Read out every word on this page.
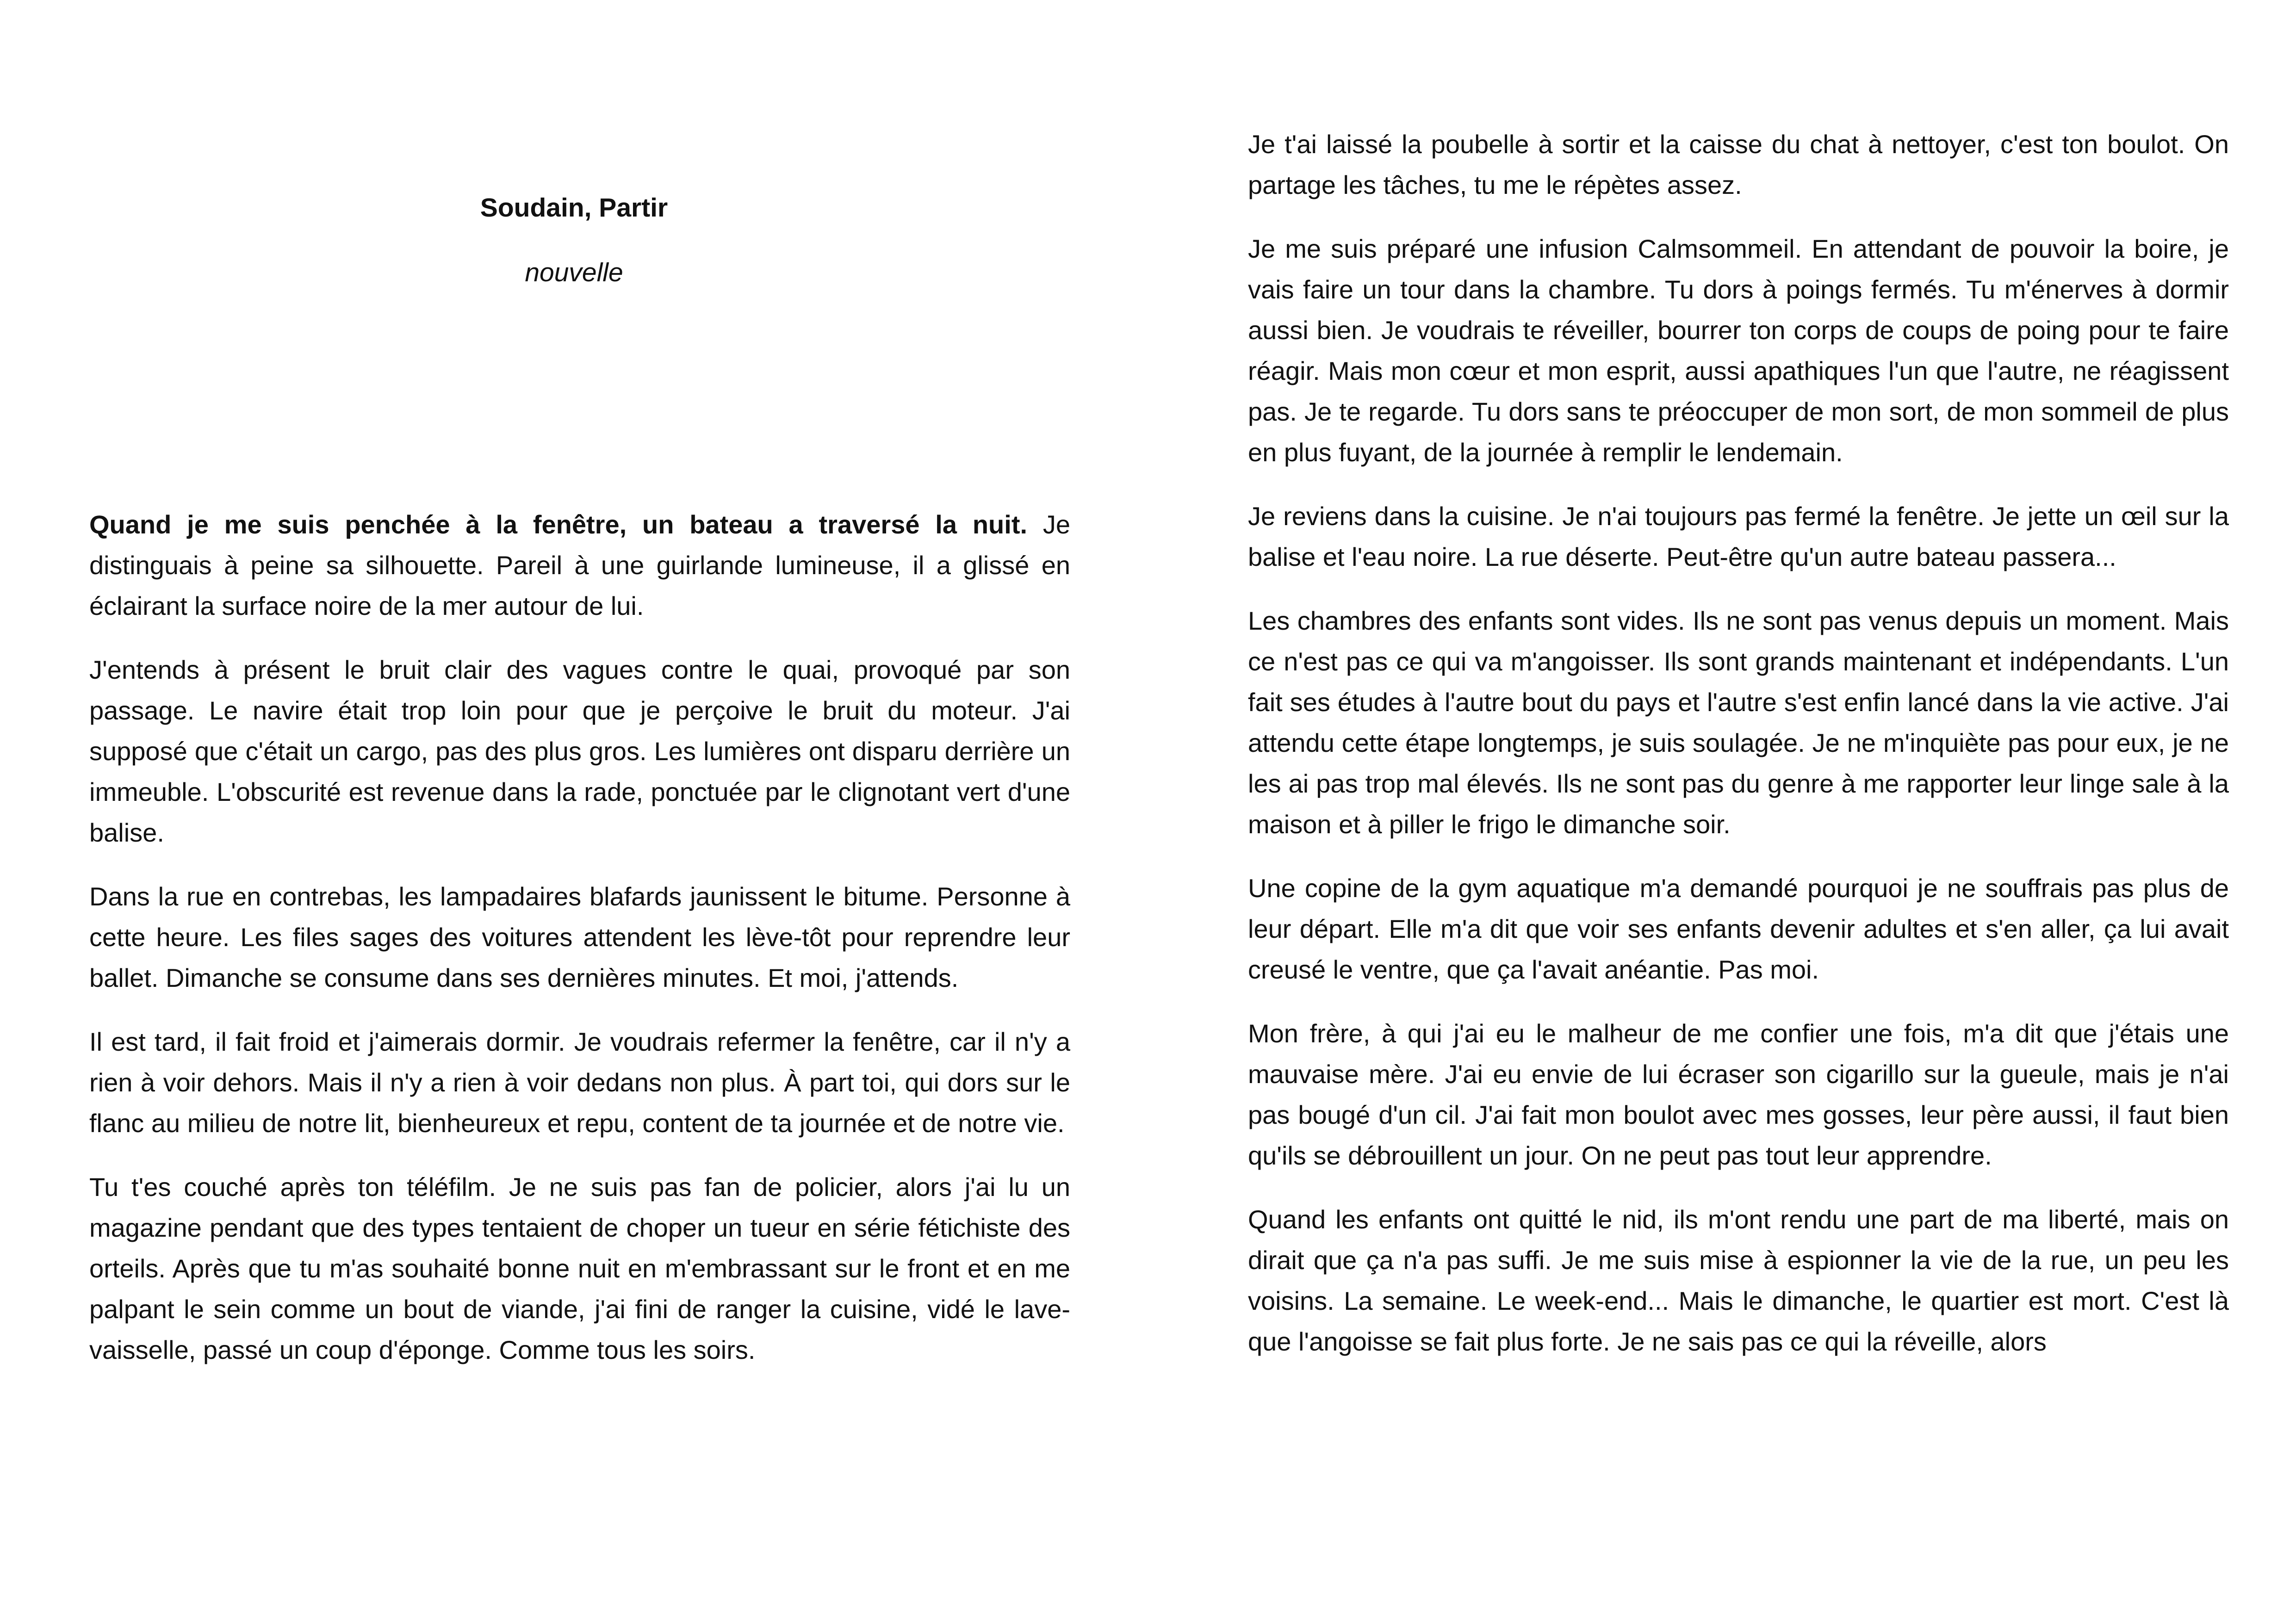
Soudain, Partir
nouvelle

Quand je me suis penchée à la fenêtre, un bateau a traversé la nuit. Je distinguais à peine sa silhouette. Pareil à une guirlande lumineuse, il a glissé en éclairant la surface noire de la mer autour de lui.

J'entends à présent le bruit clair des vagues contre le quai, provoqué par son passage. Le navire était trop loin pour que je perçoive le bruit du moteur. J'ai supposé que c'était un cargo, pas des plus gros. Les lumières ont disparu derrière un immeuble. L'obscurité est revenue dans la rade, ponctuée par le clignotant vert d'une balise.

Dans la rue en contrebas, les lampadaires blafards jaunissent le bitume. Personne à cette heure. Les files sages des voitures attendent les lève-tôt pour reprendre leur ballet. Dimanche se consume dans ses dernières minutes. Et moi, j'attends.

Il est tard, il fait froid et j'aimerais dormir. Je voudrais refermer la fenêtre, car il n'y a rien à voir dehors. Mais il n'y a rien à voir dedans non plus. À part toi, qui dors sur le flanc au milieu de notre lit, bienheureux et repu, content de ta journée et de notre vie.

Tu t'es couché après ton téléfilm. Je ne suis pas fan de policier, alors j'ai lu un magazine pendant que des types tentaient de choper un tueur en série fétichiste des orteils. Après que tu m'as souhaité bonne nuit en m'embrassant sur le front et en me palpant le sein comme un bout de viande, j'ai fini de ranger la cuisine, vidé le lave-vaisselle, passé un coup d'éponge. Comme tous les soirs.

Je t'ai laissé la poubelle à sortir et la caisse du chat à nettoyer, c'est ton boulot. On partage les tâches, tu me le répètes assez.

Je me suis préparé une infusion Calmsommeil. En attendant de pouvoir la boire, je vais faire un tour dans la chambre. Tu dors à poings fermés. Tu m'énerves à dormir aussi bien. Je voudrais te réveiller, bourrer ton corps de coups de poing pour te faire réagir. Mais mon cœur et mon esprit, aussi apathiques l'un que l'autre, ne réagissent pas. Je te regarde. Tu dors sans te préoccuper de mon sort, de mon sommeil de plus en plus fuyant, de la journée à remplir le lendemain.

Je reviens dans la cuisine. Je n'ai toujours pas fermé la fenêtre. Je jette un œil sur la balise et l'eau noire. La rue déserte. Peut-être qu'un autre bateau passera...

Les chambres des enfants sont vides. Ils ne sont pas venus depuis un moment. Mais ce n'est pas ce qui va m'angoisser. Ils sont grands maintenant et indépendants. L'un fait ses études à l'autre bout du pays et l'autre s'est enfin lancé dans la vie active. J'ai attendu cette étape longtemps, je suis soulagée. Je ne m'inquiète pas pour eux, je ne les ai pas trop mal élevés. Ils ne sont pas du genre à me rapporter leur linge sale à la maison et à piller le frigo le dimanche soir.

Une copine de la gym aquatique m'a demandé pourquoi je ne souffrais pas plus de leur départ. Elle m'a dit que voir ses enfants devenir adultes et s'en aller, ça lui avait creusé le ventre, que ça l'avait anéantie. Pas moi.

Mon frère, à qui j'ai eu le malheur de me confier une fois, m'a dit que j'étais une mauvaise mère. J'ai eu envie de lui écraser son cigarillo sur la gueule, mais je n'ai pas bougé d'un cil. J'ai fait mon boulot avec mes gosses, leur père aussi, il faut bien qu'ils se débrouillent un jour. On ne peut pas tout leur apprendre.

Quand les enfants ont quitté le nid, ils m'ont rendu une part de ma liberté, mais on dirait que ça n'a pas suffi. Je me suis mise à espionner la vie de la rue, un peu les voisins. La semaine. Le week-end... Mais le dimanche, le quartier est mort. C'est là que l'angoisse se fait plus forte. Je ne sais pas ce qui la réveille, alors
